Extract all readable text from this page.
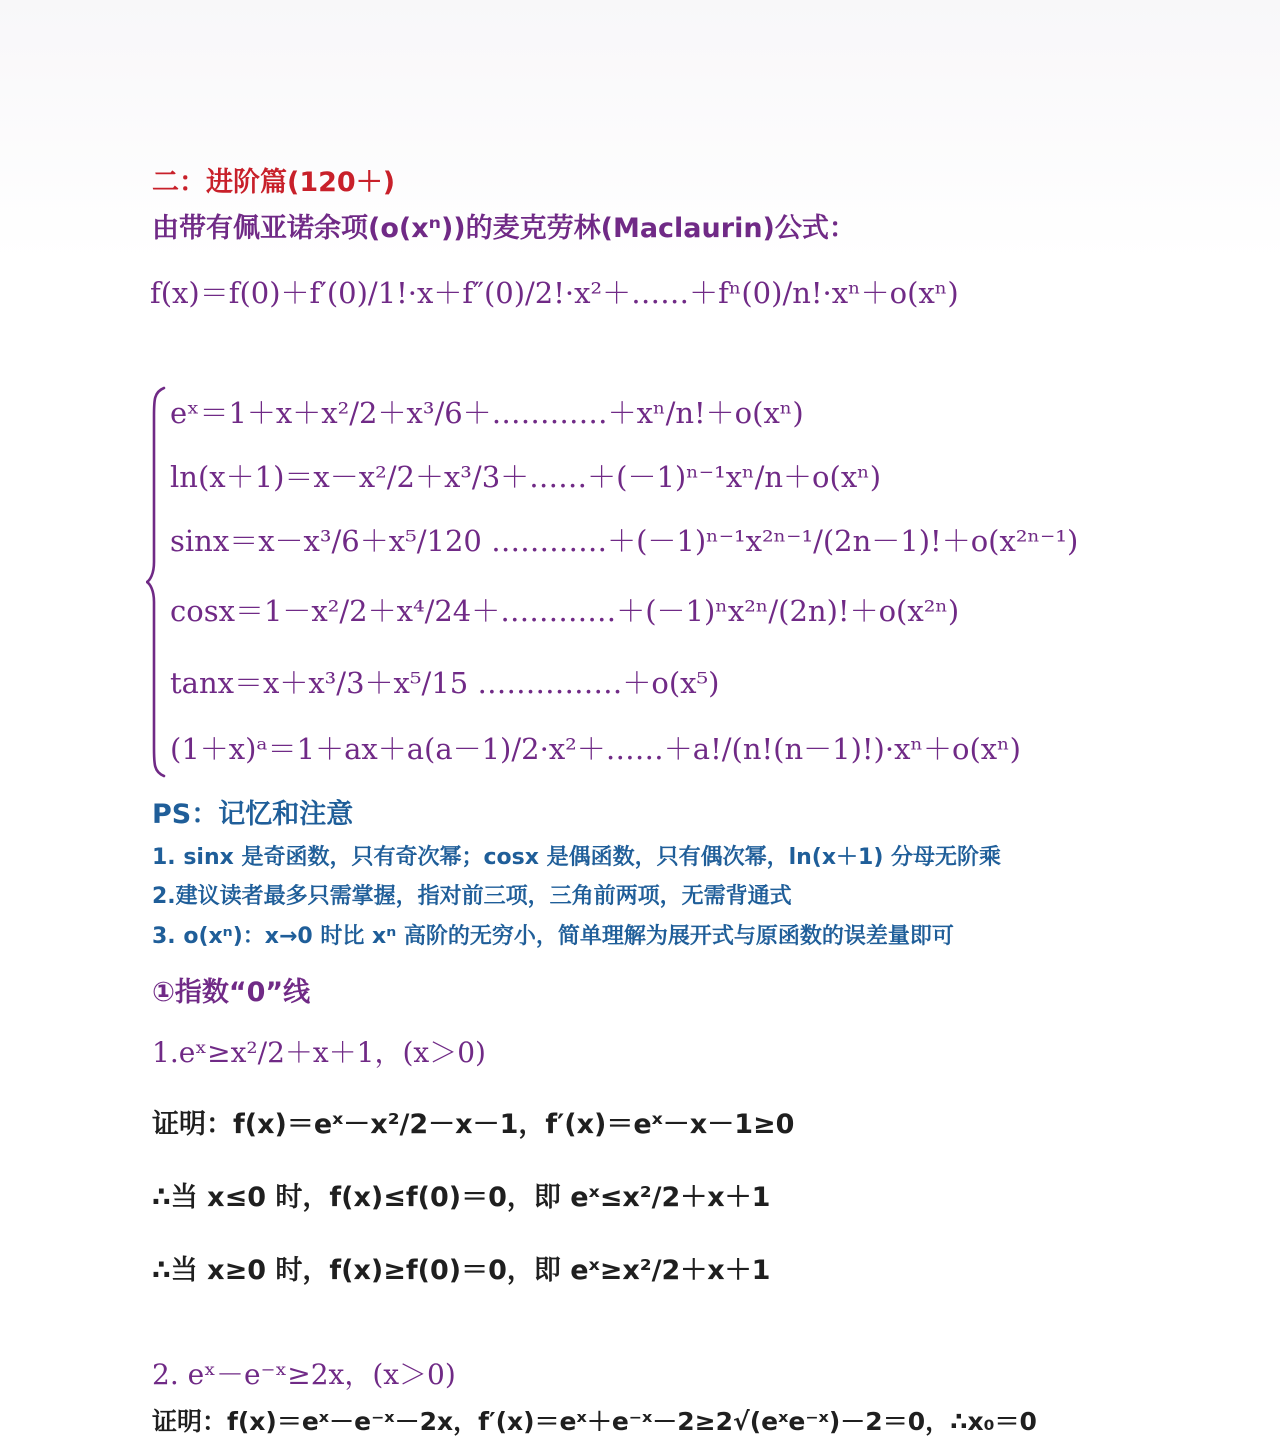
二：进阶篇(120＋)
由带有佩亚诺余项(o(xⁿ))的麦克劳林(Maclaurin)公式：
f(x)＝f(0)＋f′(0)/1!·x＋f″(0)/2!·x²＋……＋fⁿ(0)/n!·xⁿ＋o(xⁿ)
eˣ＝1＋x＋x²/2＋x³/6＋…………＋xⁿ/n!＋o(xⁿ)
ln(x＋1)＝x－x²/2＋x³/3＋……＋(－1)ⁿ⁻¹xⁿ/n＋o(xⁿ)
sinx＝x－x³/6＋x⁵/120 …………＋(－1)ⁿ⁻¹x²ⁿ⁻¹/(2n－1)!＋o(x²ⁿ⁻¹)
cosx＝1－x²/2＋x⁴/24＋…………＋(－1)ⁿx²ⁿ/(2n)!＋o(x²ⁿ)
tanx＝x＋x³/3＋x⁵/15 ……………＋o(x⁵)
(1＋x)ᵃ＝1＋ax＋a(a－1)/2·x²＋……＋a!/(n!(n－1)!)·xⁿ＋o(xⁿ)
PS：记忆和注意
1. sinx 是奇函数，只有奇次幂；cosx 是偶函数，只有偶次幂，ln(x＋1) 分母无阶乘
2.建议读者最多只需掌握，指对前三项，三角前两项，无需背通式
3. o(xⁿ)：x→0 时比 xⁿ 高阶的无穷小，简单理解为展开式与原函数的误差量即可
①指数“0”线
1.eˣ≥x²/2＋x＋1，(x＞0)
证明：f(x)＝eˣ－x²/2－x－1，f′(x)＝eˣ－x－1≥0
∴当 x≤0 时，f(x)≤f(0)＝0，即 eˣ≤x²/2＋x＋1
∴当 x≥0 时，f(x)≥f(0)＝0，即 eˣ≥x²/2＋x＋1
2. eˣ－e⁻ˣ≥2x，(x＞0)
证明：f(x)＝eˣ－e⁻ˣ－2x，f′(x)＝eˣ＋e⁻ˣ－2≥2√(eˣe⁻ˣ)－2＝0，∴x₀＝0
